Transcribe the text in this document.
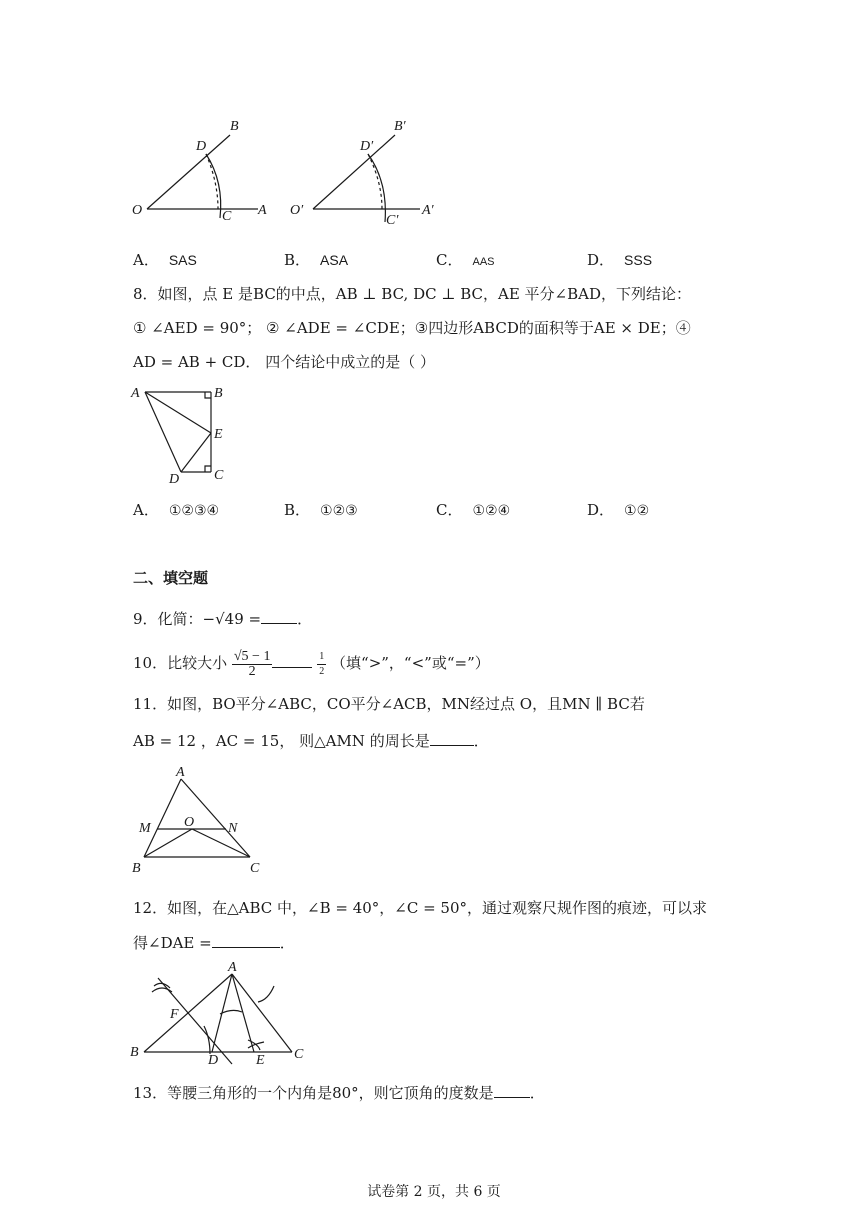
B
D
O	C A
B′
D′
O′
C′
A′
A． SAS	B． ASA	C． AAS	D． SSS
8．如图，点 E 是BC的中点，AB ⊥ BC, DC ⊥ BC，AE 平分∠BAD，下列结论：
① ∠AED = 90°； ② ∠ADE = ∠CDE；③四边形ABCD的面积等于AE × DE；④
AD = AB + CD． 四个结论中成立的是（ ）
A	B
E
D C
A． ①②③④	B． ①②③	C． ①②④	D． ①②
二、填空题
9．化简：−√49 = ．
10．比较大小 $\frac{√5 - 1}{2}$
	$\frac{1}{2}$ （填“>”，“<”或“=”）
11．如图，BO平分∠ABC，CO平分∠ACB，MN经过点 O，且MN ∥ BC若
AB = 12 ，AC = 15， 则△AMN 的周长是	．
A
M O N
B	C
12．如图，在△ABC 中，∠B = 40°，∠C = 50°，通过观察尺规作图的痕迹，可以求
得∠DAE =	．
A
F
B
D	E C
13．等腰三角形的一个内角是80°，则它顶角的度数是 ．
试卷第 2 页，共 6 页
